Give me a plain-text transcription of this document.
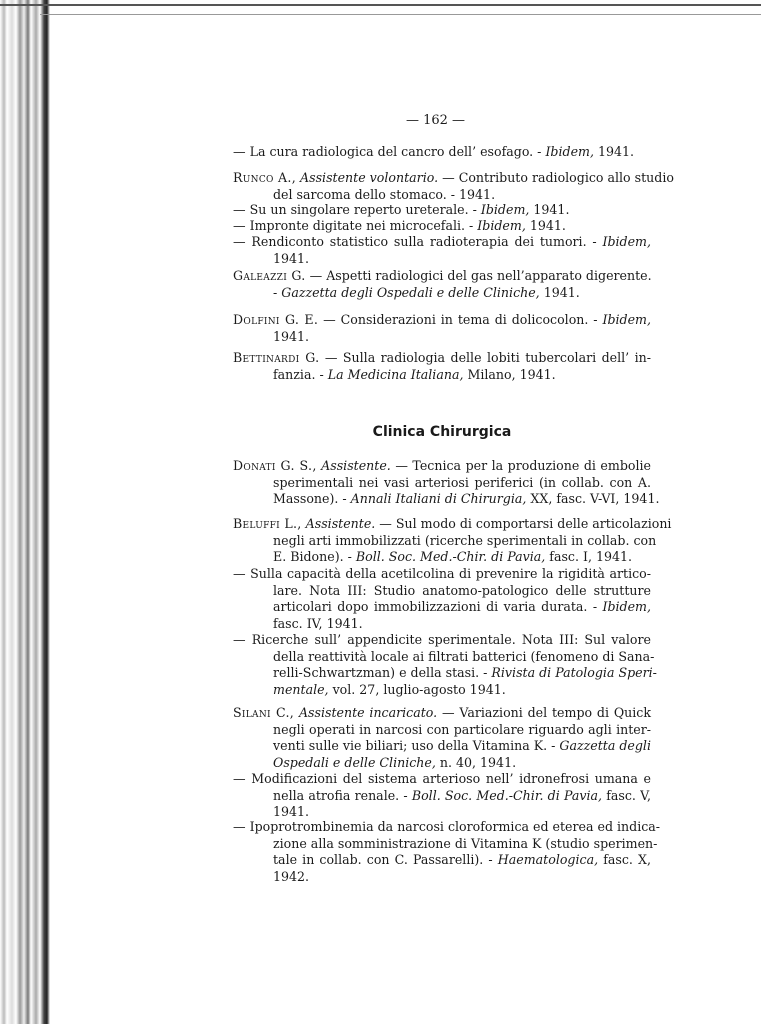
— 162 —
Clinica Chirurgica
— La cura radiologica del cancro dell’ esofago. - Ibidem, 1941.
Runco A., Assistente volontario. — Contributo radiologico allo studio
del sarcoma dello stomaco. - 1941.
— Su un singolare reperto ureterale. - Ibidem, 1941.
— Impronte digitate nei microcefali. - Ibidem, 1941.
— Rendiconto statistico sulla radioterapia dei tumori. - Ibidem,
1941.
Galeazzi G. — Aspetti radiologici del gas nell’apparato digerente.
- Gazzetta degli Ospedali e delle Cliniche, 1941.
Dolfini G. E. — Considerazioni in tema di dolicocolon. - Ibidem,
1941.
Bettinardi G. — Sulla radiologia delle lobiti tubercolari dell’ in-
fanzia. - La Medicina Italiana, Milano, 1941.
Donati G. S., Assistente. — Tecnica per la produzione di embolie
sperimentali nei vasi arteriosi periferici (in collab. con A.
Massone). - Annali Italiani di Chirurgia, XX, fasc. V-VI, 1941.
Beluffi L., Assistente. — Sul modo di comportarsi delle articolazioni
negli arti immobilizzati (ricerche sperimentali in collab. con
E. Bidone). - Boll. Soc. Med.-Chir. di Pavia, fasc. I, 1941.
— Sulla capacità della acetilcolina di prevenire la rigidità artico-
lare. Nota III: Studio anatomo-patologico delle strutture
articolari dopo immobilizzazioni di varia durata. - Ibidem,
fasc. IV, 1941.
— Ricerche sull’ appendicite sperimentale. Nota III: Sul valore
della reattività locale ai filtrati batterici (fenomeno di Sana-
relli-Schwartzman) e della stasi. - Rivista di Patologia Speri-
mentale, vol. 27, luglio-agosto 1941.
Silani C., Assistente incaricato. — Variazioni del tempo di Quick
negli operati in narcosi con particolare riguardo agli inter-
venti sulle vie biliari; uso della Vitamina K. - Gazzetta degli
Ospedali e delle Cliniche, n. 40, 1941.
— Modificazioni del sistema arterioso nell’ idronefrosi umana e
nella atrofia renale. - Boll. Soc. Med.-Chir. di Pavia, fasc. V,
1941.
— Ipoprotrombinemia da narcosi cloroformica ed eterea ed indica-
zione alla somministrazione di Vitamina K (studio sperimen-
tale in collab. con C. Passarelli). - Haematologica, fasc. X,
1942.
